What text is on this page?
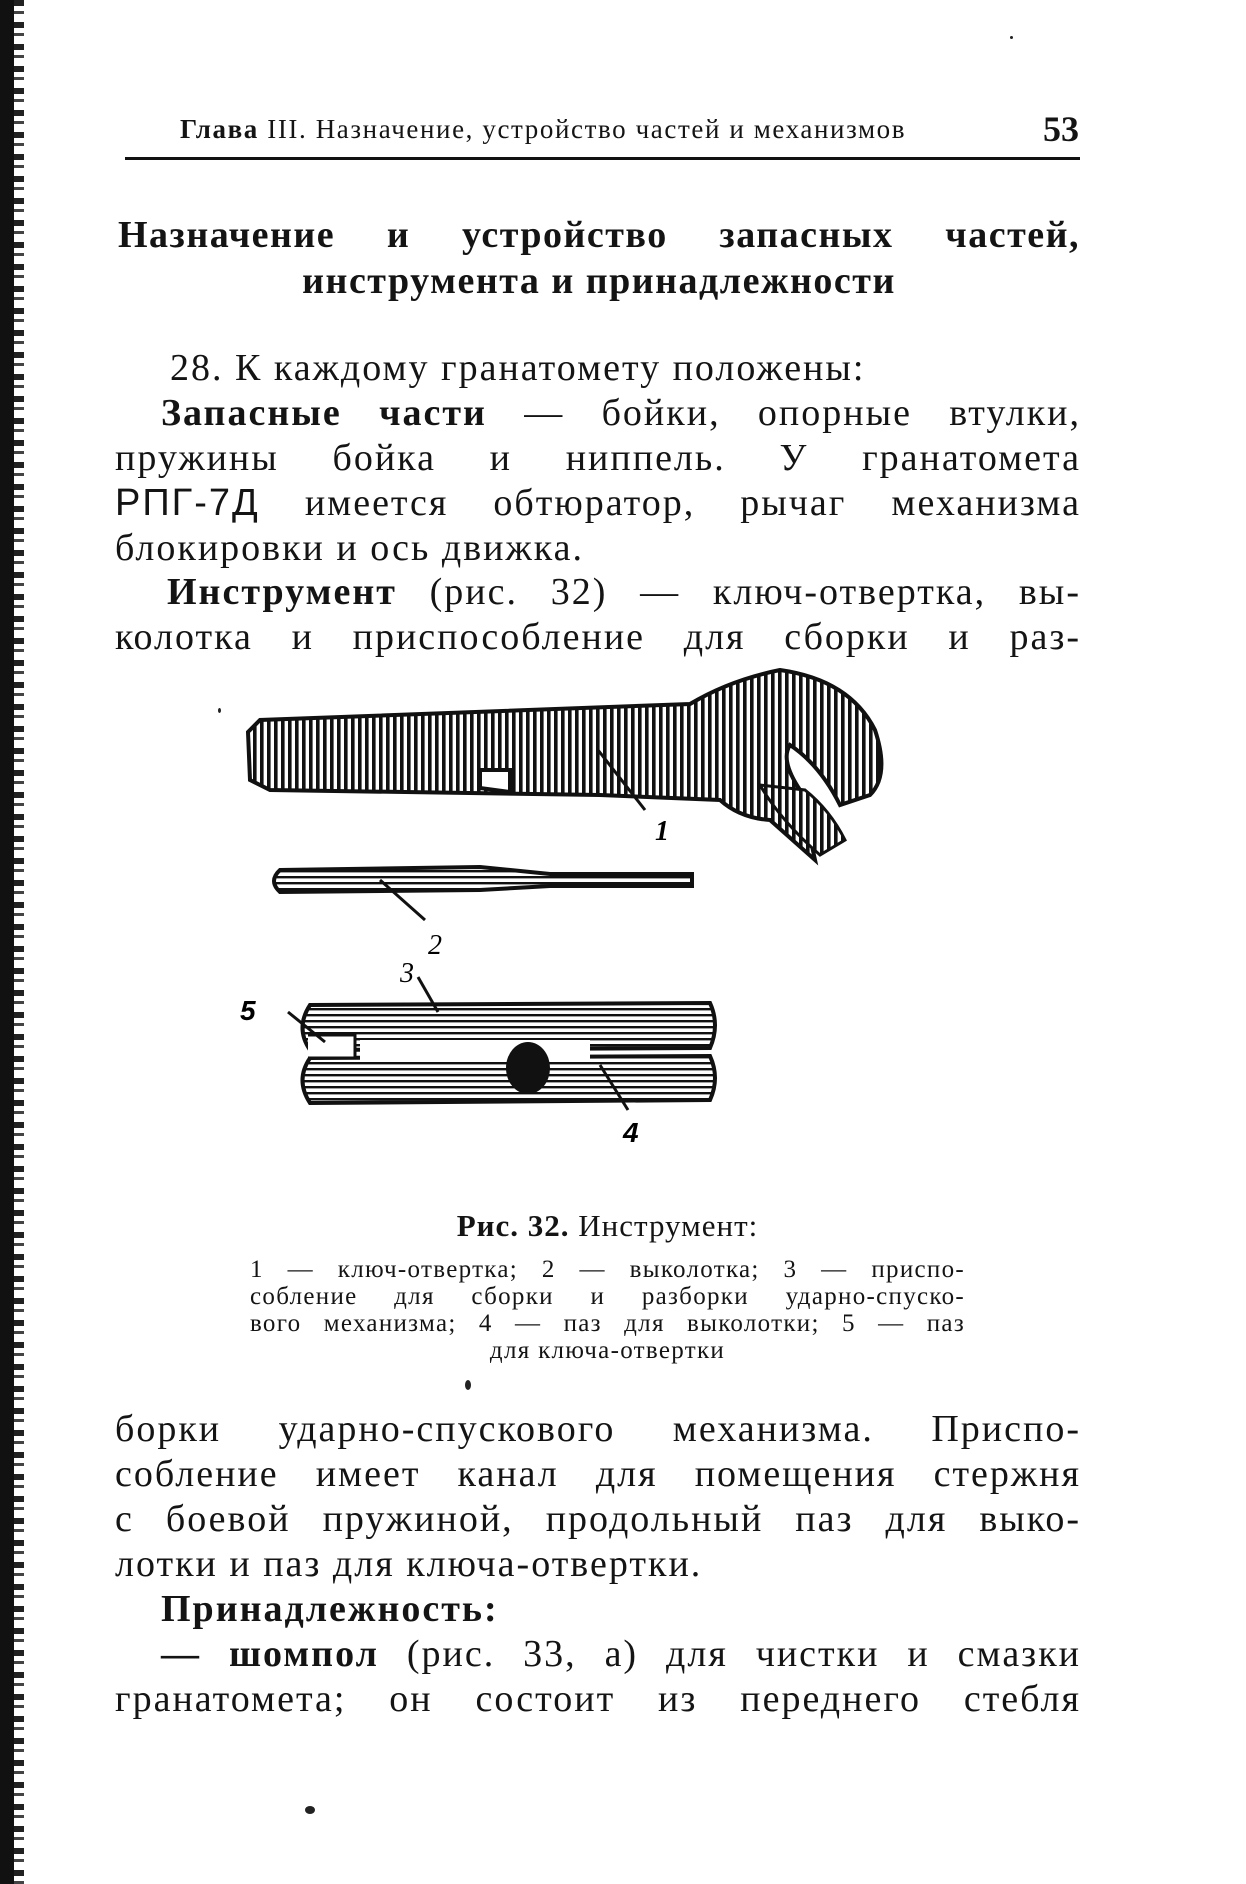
Глава III. Назначение, устройство частей и механизмов	53
Назначение и устройство запасных частей,
инструмента и принадлежности
28. К каждому гранатомету положены:
Запасные части — бойки, опорные втулки,
пружины бойка и ниппель. У гранатомета
РПГ-7Д имеется обтюратор, рычаг механизма
блокировки и ось движка.
Инструмент (рис. 32) — ключ-отвертка, вы-
колотка и приспособление для сборки и раз-
1
2
3
4
5
Рис. 32. Инструмент:
1 — ключ-отвертка; 2 — выколотка; 3 — приспо-
собление для сборки и разборки ударно-спуско-
вого механизма; 4 — паз для выколотки; 5 — паз
для ключа-отвертки
борки ударно-спускового механизма. Приспо-
собление имеет канал для помещения стержня
с боевой пружиной, продольный паз для выко-
лотки и паз для ключа-отвертки.
Принадлежность:
— шомпол (рис. 33, а) для чистки и смазки
гранатомета; он состоит из переднего стебля
